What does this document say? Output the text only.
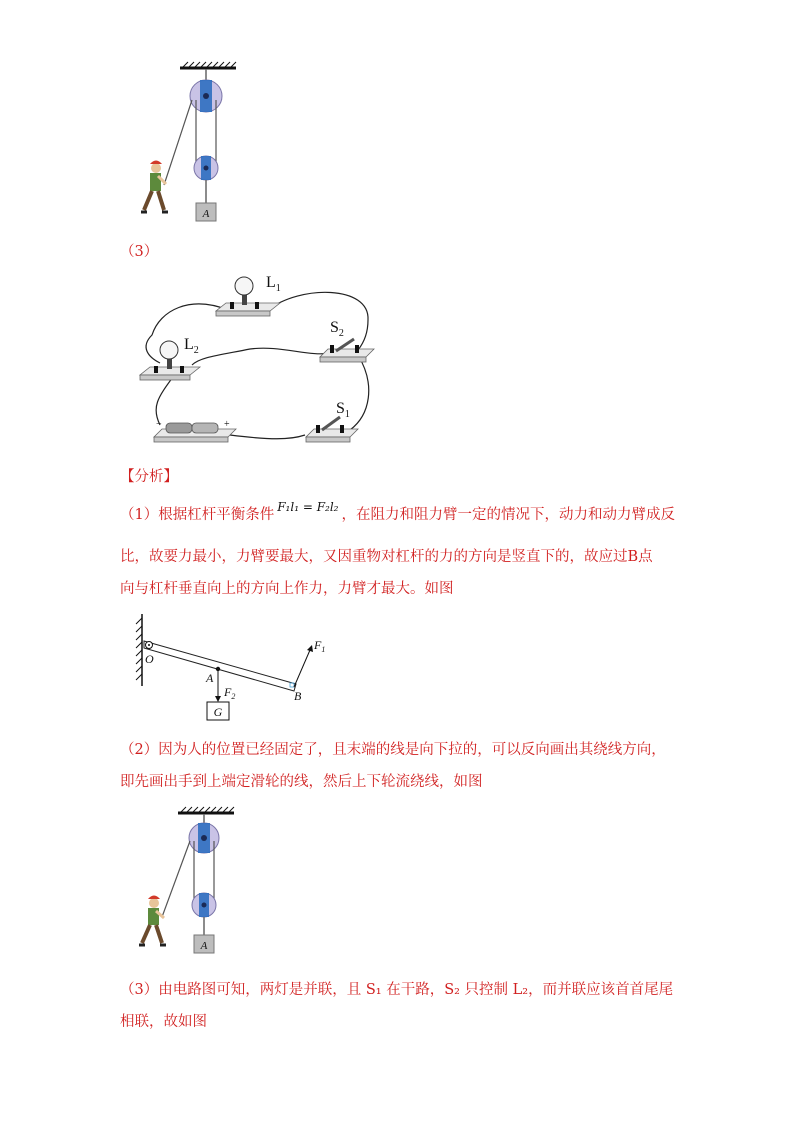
A
（3）
$L_1$
$L_2$
$S_2$
$S_1$
−	+
【分析】
（1）根据杠杆平衡条件 $^{F_1l_1 = F_2l_2}$ ，在阻力和阻力臂一定的情况下，动力和动力臂成反
比，故要力最小，力臂要最大，又因重物对杠杆的力的方向是竖直下的，故应过B点
向与杠杆垂直向上的方向上作力，力臂才最大。如图
O
A
$F_2$
G
B
$F_1$
（2）因为人的位置已经固定了，且末端的线是向下拉的，可以反向画出其绕线方向，
即先画出手到上端定滑轮的线，然后上下轮流绕线，如图
A
（3）由电路图可知，两灯是并联，且 S₁ 在干路，S₂ 只控制 L₂，而并联应该首首尾尾
相联，故如图
